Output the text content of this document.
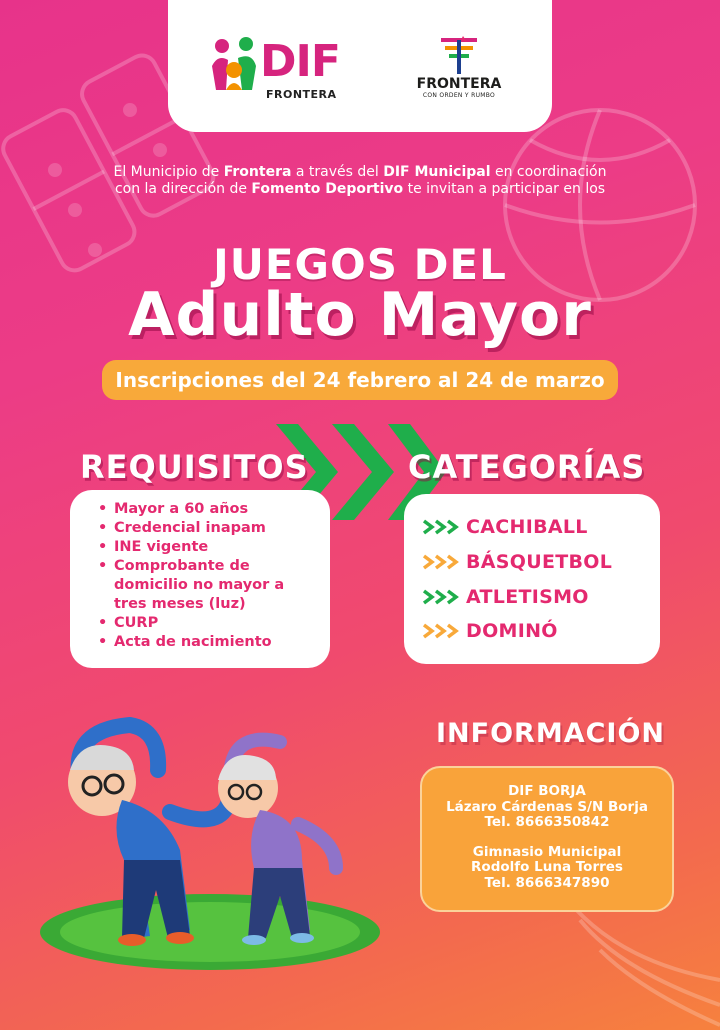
DIF
FRONTERA
FRONTERA
CON ORDEN Y RUMBO
El Municipio de Frontera a través del DIF Municipal en coordinación con la dirección de Fomento Deportivo te invitan a participar en los
JUEGOS DEL
Adulto Mayor
Inscripciones del 24 febrero al 24 de marzo
REQUISITOS	CATEGORÍAS
• Mayor a 60 años
• Credencial inapam
• INE vigente
• Comprobante de domicilio no mayor a tres meses (luz)
• CURP
• Acta de nacimiento
CACHIBALL
BÁSQUETBOL
ATLETISMO
DOMINÓ
INFORMACIÓN
DIF BORJA
Lázaro Cárdenas S/N Borja
Tel. 8666350842
Gimnasio Municipal
Rodolfo Luna Torres
Tel. 8666347890
